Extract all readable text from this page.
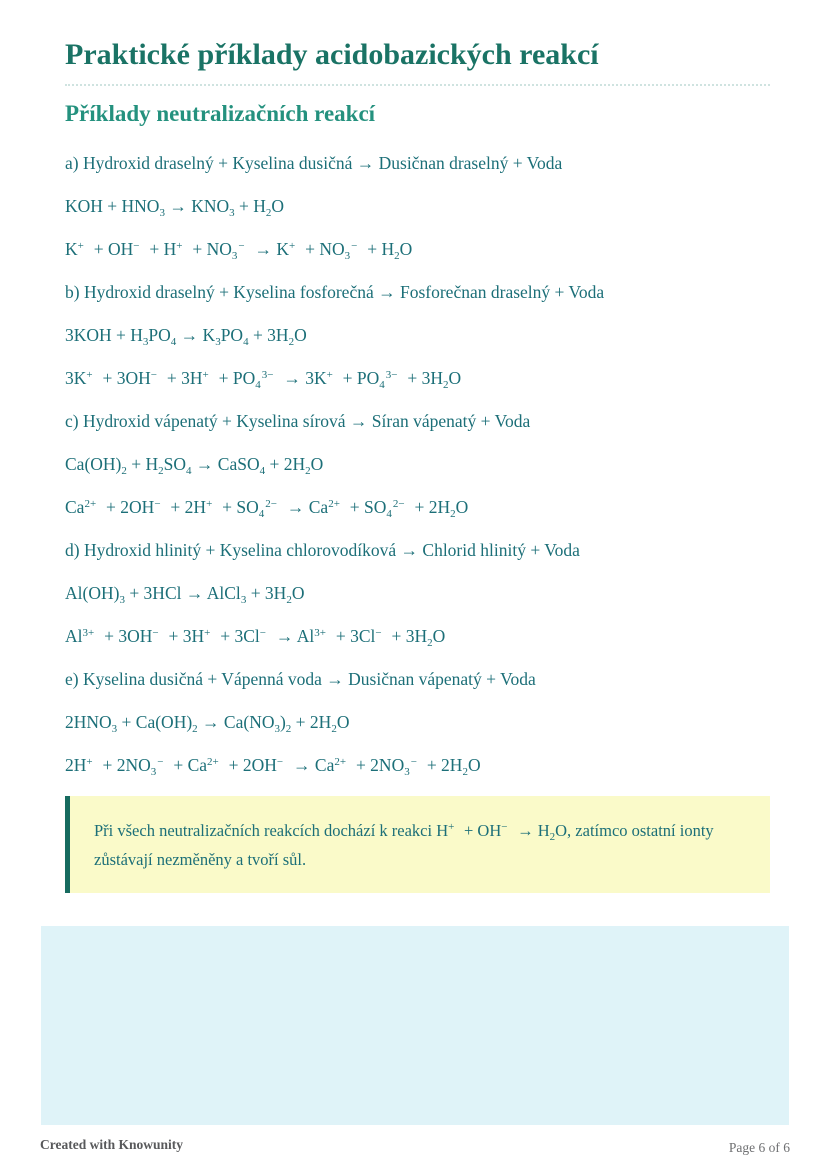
Praktické příklady acidobazických reakcí
Příklady neutralizačních reakcí

a) Hydroxid draselný + Kyselina dusičná → Dusičnan draselný + Voda

KOH + $HNO_3 \to KNO_3 + H_2O$

$K^+ + OH^- + H^+ + NO_3^- \to K^+ + NO_3^- + H_2O$

b) Hydroxid draselný + Kyselina fosforečná → Fosforečnan draselný + Voda

$3KOH + H_3PO_4 \to K_3PO_4 + 3H_2O$

$3K^+ + 3OH^- + 3H^+ + PO_4^{3-} \to 3K^+ + PO_4^{3-} + 3H_2O$

c) Hydroxid vápenatý + Kyselina sírová → Síran vápenatý + Voda

$Ca(OH)_2 + H_2SO_4$ → CaSO$_4$ + $2H_2O$

$Ca^{2+} + 2OH^- + 2H^+ + SO_4^{2-} \to Ca^{2+} + SO_4^{2-} + 2H_2O$

d) Hydroxid hlinitý + Kyselina chlorovodíková → Chlorid hlinitý + Voda

$Al(OH)_3 + 3HCl$ → AlCl$_3$ + $3H_2O$

$Al^{3+} + 3OH^- + 3H^+ + 3Cl^- \to Al^{3+} + 3Cl^- + 3H_2O$

e) Kyselina dusičná + Vápenná voda → Dusičnan vápenatý + Voda

$2HNO_3 + Ca(OH)_2 \to Ca(NO_3)_2 + 2H_2O$

$2H^+ + 2NO_3^- + Ca^{2+} + 2OH^- \to Ca^{2+} + 2NO_3^- + 2H_2O$

Při všech neutralizačních reakcích dochází k reakci $H^+ + OH^- \to H_2O$, zatímco ostatní ionty zůstávají nezměněny a tvoří sůl.

Created with Knowunity	Page 6 of 6
